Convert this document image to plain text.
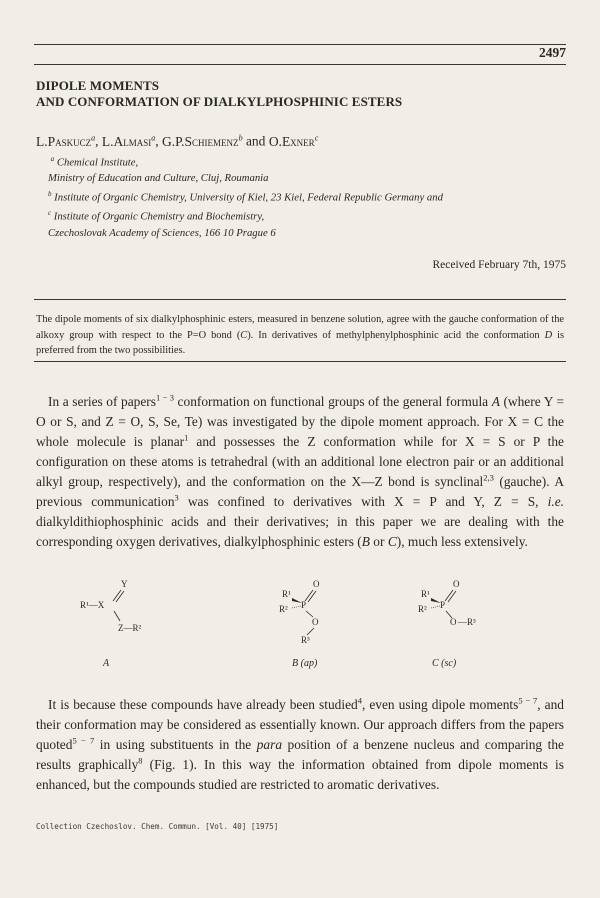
2497
DIPOLE MOMENTS
AND CONFORMATION OF DIALKYLPHOSPHINIC ESTERS
L.Paskucz$^a$, L.Almasi$^a$, G.P.Schiemenz$^b$ and O.Exner$^c$
$^a$ Chemical Institute,
Ministry of Education and Culture, Cluj, Roumania
$^b$ Institute of Organic Chemistry, University of Kiel, 23 Kiel, Federal Republic Germany and
$^c$ Institute of Organic Chemistry and Biochemistry,
Czechoslovak Academy of Sciences, 166 10 Prague 6
Received February 7th, 1975
The dipole moments of six dialkylphosphinic esters, measured in benzene solution, agree with the gauche conformation of the alkoxy group with respect to the P=O bond (C). In derivatives of methylphenylphosphinic acid the conformation D is preferred from the two possibilities.

In a series of papers$^{1 - 3}$ conformation on functional groups of the general formula A (where Y = O or S, and Z = O, S, Se, Te) was investigated by the dipole moment approach. For X = C the whole molecule is planar$^1$ and possesses the Z conformation while for X = S or P the configuration on these atoms is tetrahedral (with an additional lone electron pair or an additional alkyl group, respectively), and the conformation on the X—Z bond is synclinal$^{2,3}$ (gauche). A previous communication$^3$ was confined to derivatives with X = P and Y, Z = S, i.e. dialkyldithiophosphinic acids and their derivatives; in this paper we are dealing with the corresponding oxygen derivatives, dialkylphosphinic esters (B or C), much less extensively.

Y
R¹—X
Z—R²
A
O
R¹
R² P
O
R³
B (ap)
O
R¹
R² P
O —R³
C (sc)

It is because these compounds have already been studied$^4$, even using dipole moments$^{5 - 7}$, and their conformation may be considered as essentially known. Our approach differs from the papers quoted$^{5 - 7}$ in using substituents in the para position of a benzene nucleus and comparing the results graphically$^8$ (Fig. 1). In this way the information obtained from dipole moments is enhanced, but the compounds studied are restricted to aromatic derivatives.

Collection Czechoslov. Chem. Commun. [Vol. 40] [1975]
